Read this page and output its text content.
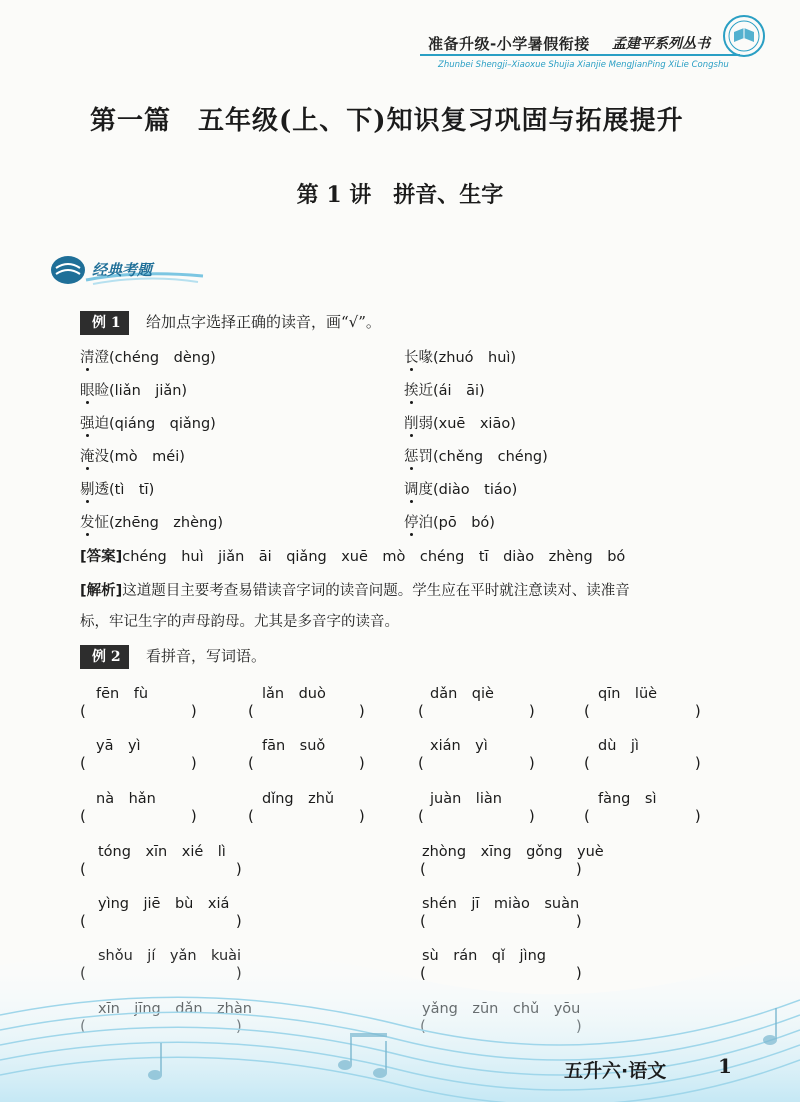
准备升级-小学暑假衔接 孟建平系列丛书
Zhunbei Shengji–Xiaoxue Shujia Xianjie MengJianPing XiLie Congshu
第一篇　五年级(上、下)知识复习巩固与拓展提升
第 1 讲　拼音、生字
经典考题
例 1	给加点字选择正确的读音，画“√”。
清澄(chéng　dèng)
眼睑(liǎn　jiǎn)
强迫(qiáng　qiǎng)
淹没(mò　méi)
剔透(tì　tī)
发怔(zhēng　zhèng)
长喙(zhuó　huì)
挨近(ái　āi)
削弱(xuē　xiāo)
惩罚(chěng　chéng)
调度(diào　tiáo)
停泊(pō　bó)
[答案]chéng　huì　jiǎn　āi　qiǎng　xuē　mò　chéng　tī　diào　zhèng　bó
[解析]这道题目主要考查易错读音字词的读音问题。学生应在平时就注意读对、读准音
标，牢记生字的声母韵母。尤其是多音字的读音。
例 2	看拼音，写词语。
fēn　fù
(　　　　　　　)
lǎn　duò
(　　　　　　　)
dǎn　qiè
(　　　　　　　)
qīn　lüè
(　　　　　　　)
yā　yì
(　　　　　　　)
fān　suǒ
(　　　　　　　)
xián　yì
(　　　　　　　)
dù　jì
(　　　　　　　)
nà　hǎn
(　　　　　　　)
dǐng　zhǔ
(　　　　　　　)
juàn　liàn
(　　　　　　　)
fàng　sì
(　　　　　　　)
tóng　xīn　xié　lì
(　　　　　　　　　　)
zhòng　xīng　gǒng　yuè
(　　　　　　　　　　)
yìng　jiē　bù　xiá
(　　　　　　　　　　)
shén　jī　miào　suàn
(　　　　　　　　　　)
sù　rán　qǐ　jìng
(　　　　　　　　　　)
五升六·语文	1
